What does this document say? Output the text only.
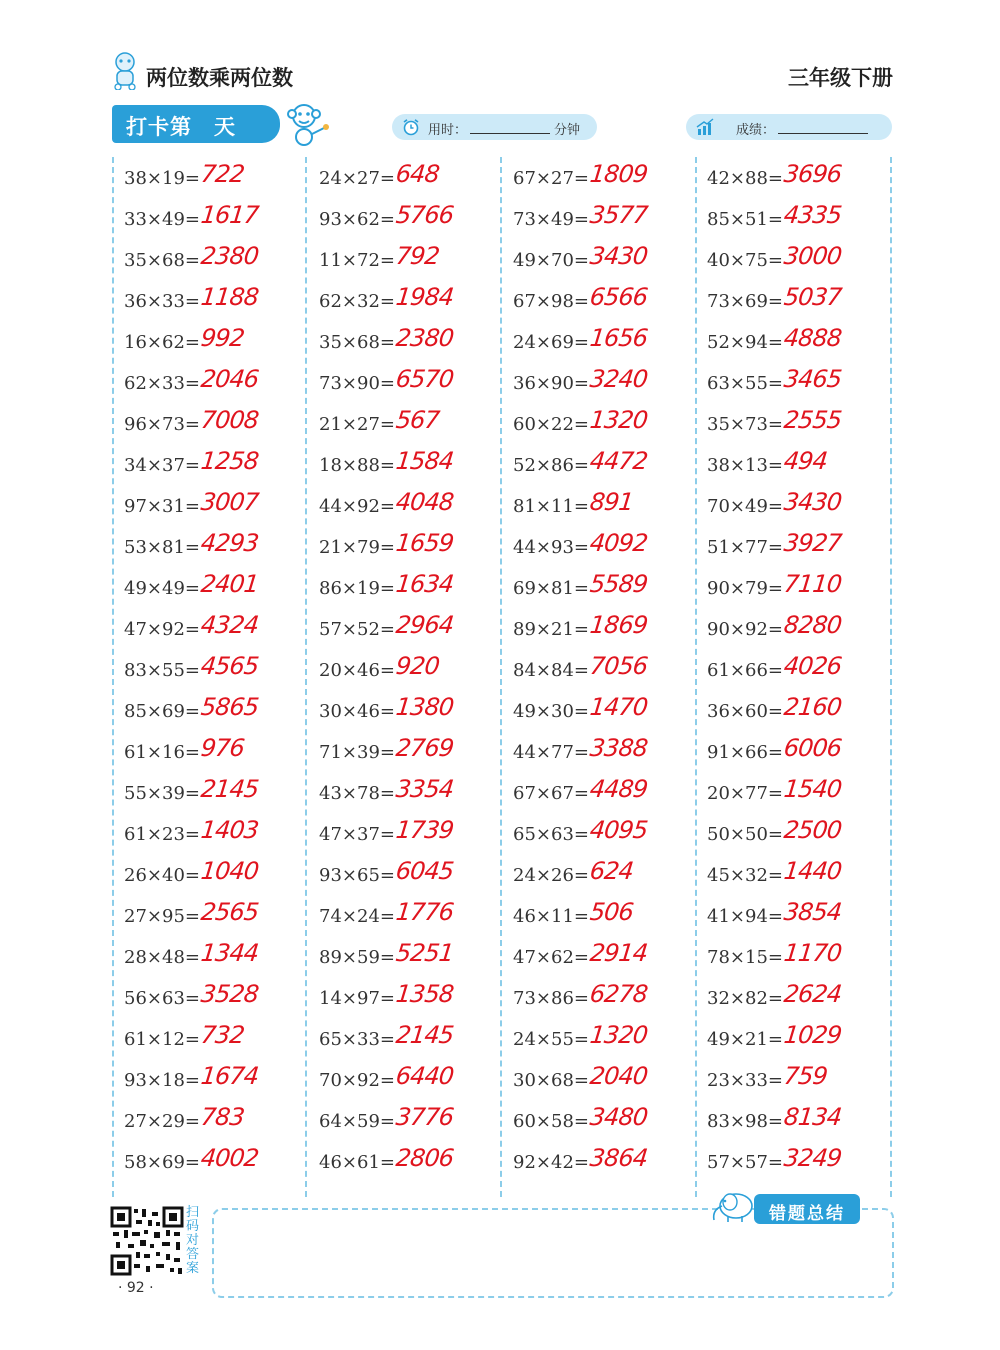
两位数乘两位数	三年级下册
打卡第　天	用时：	分钟	成绩：
38×19= 722
33×49= 1617
35×68= 2380
36×33= 1188
16×62= 992
62×33= 2046
96×73= 7008
34×37= 1258
97×31= 3007
53×81= 4293
49×49= 2401
47×92= 4324
83×55= 4565
85×69= 5865
61×16= 976
55×39= 2145
61×23= 1403
26×40= 1040
27×95= 2565
28×48= 1344
56×63= 3528
61×12= 732
93×18= 1674
27×29= 783
58×69= 4002
24×27= 648
93×62= 5766
11×72= 792
62×32= 1984
35×68= 2380
73×90= 6570
21×27= 567
18×88= 1584
44×92= 4048
21×79= 1659
86×19= 1634
57×52= 2964
20×46= 920
30×46= 1380
71×39= 2769
43×78= 3354
47×37= 1739
93×65= 6045
74×24= 1776
89×59= 5251
14×97= 1358
65×33= 2145
70×92= 6440
64×59= 3776
46×61= 2806
67×27= 1809
73×49= 3577
49×70= 3430
67×98= 6566
24×69= 1656
36×90= 3240
60×22= 1320
52×86= 4472
81×11= 891
44×93= 4092
69×81= 5589
89×21= 1869
84×84= 7056
49×30= 1470
44×77= 3388
67×67= 4489
65×63= 4095
24×26= 624
46×11= 506
47×62= 2914
73×86= 6278
24×55= 1320
30×68= 2040
60×58= 3480
92×42= 3864
42×88= 3696
85×51= 4335
40×75= 3000
73×69= 5037
52×94= 4888
63×55= 3465
35×73= 2555
38×13= 494
70×49= 3430
51×77= 3927
90×79= 7110
90×92= 8280
61×66= 4026
36×60= 2160
91×66= 6006
20×77= 1540
50×50= 2500
45×32= 1440
41×94= 3854
78×15= 1170
32×82= 2624
49×21= 1029
23×33= 759
83×98= 8134
57×57= 3249
错题总结
扫码对答案
· 92 ·
